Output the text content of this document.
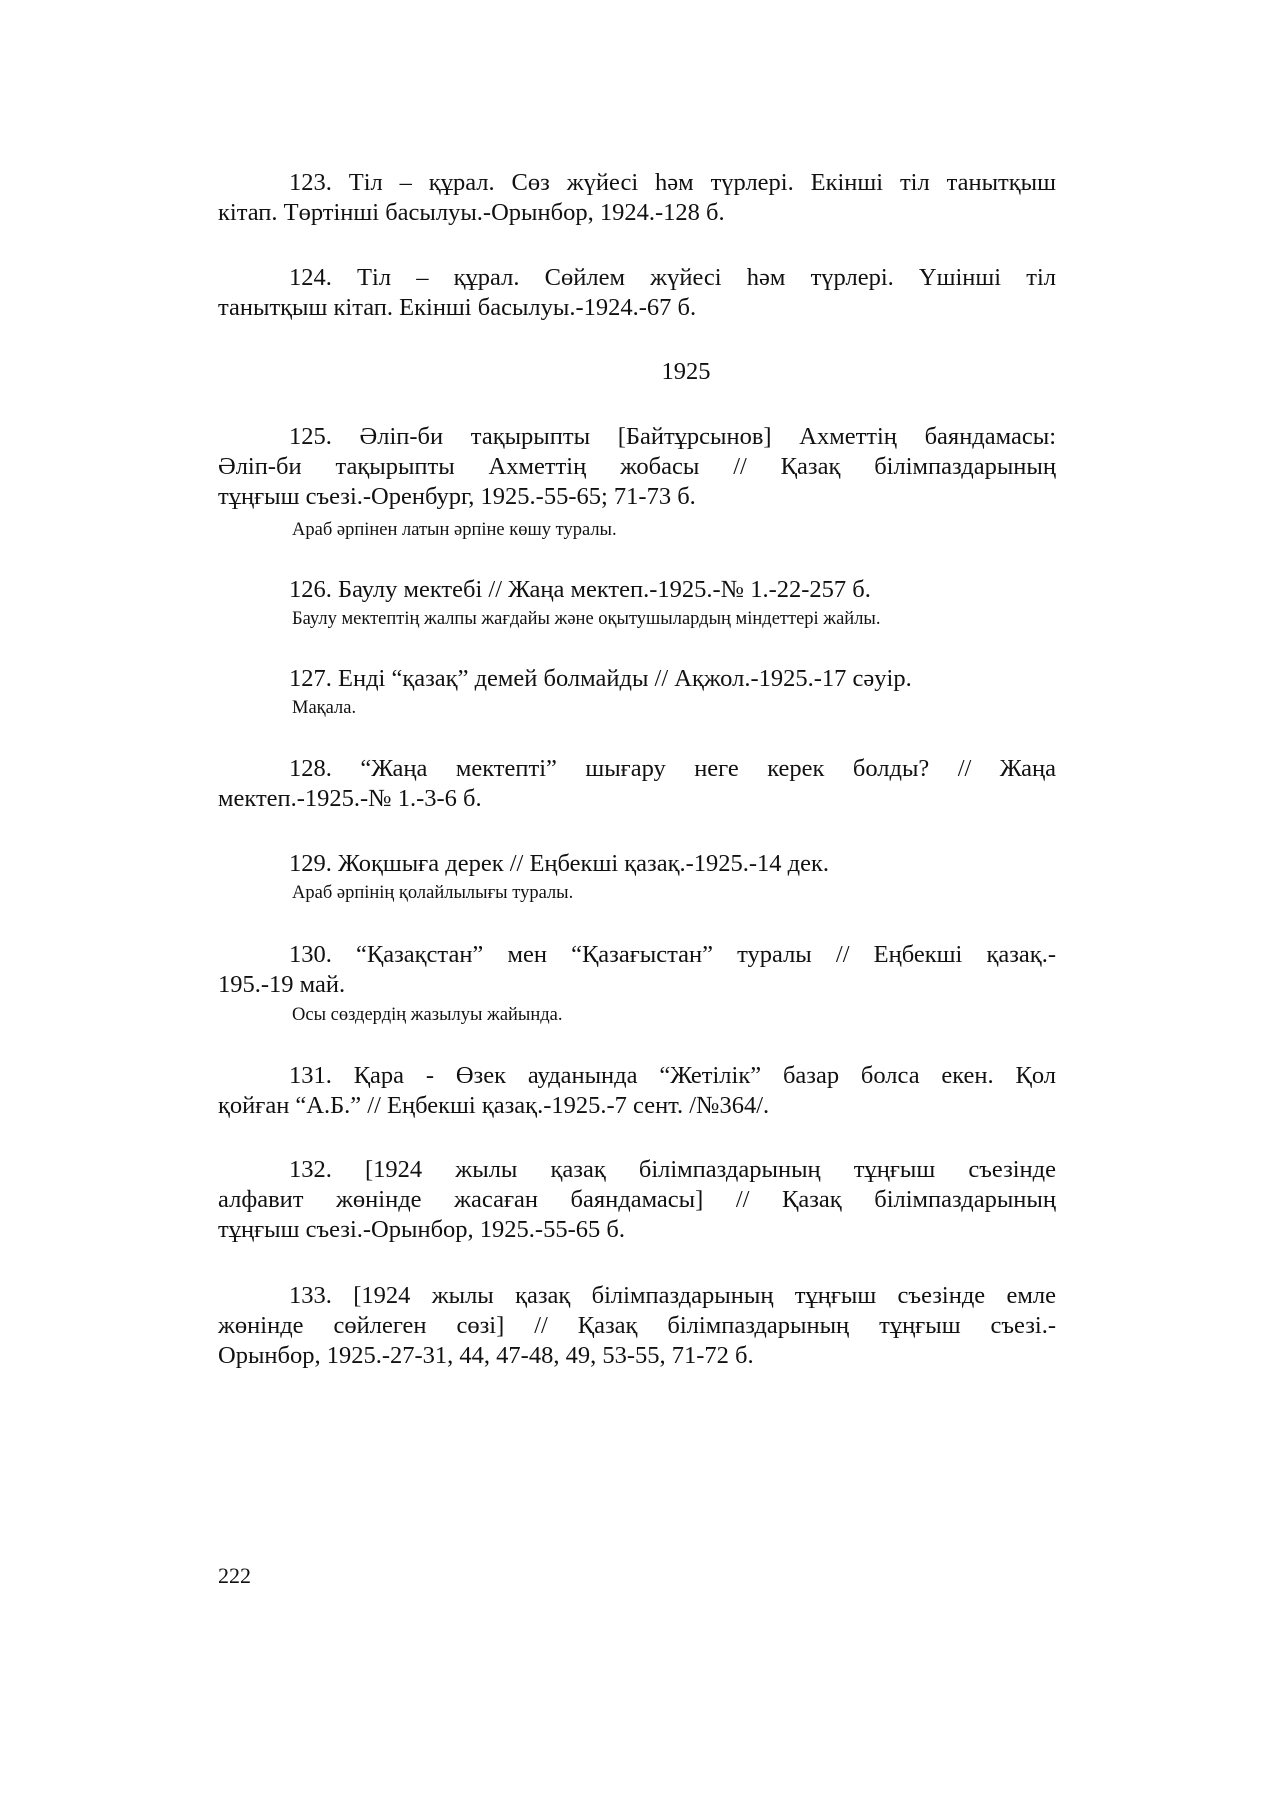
123. Тіл – құрал. Сөз жүйесі һәм түрлері. Екінші тіл танытқыш
кітап. Төртінші басылуы.-Орынбор, 1924.-128 б.
124. Тіл – құрал. Сөйлем жүйесі һәм түрлері. Үшінші тіл
танытқыш кітап. Екінші басылуы.-1924.-67 б.
1925
125. Әліп-би тақырыпты [Байтұрсынов] Ахметтің баяндамасы:
Әліп-би тақырыпты Ахметтің жобасы // Қазақ білімпаздарының
тұңғыш съезі.-Оренбург, 1925.-55-65; 71-73 б.
Араб әрпінен латын әрпіне көшу туралы.
126. Баулу мектебі // Жаңа мектеп.-1925.-№ 1.-22-257 б.
Баулу мектептің жалпы жағдайы және оқытушылардың міндеттері жайлы.
127. Енді “қазақ” демей болмайды // Ақжол.-1925.-17 сәуір.
Мақала.
128. “Жаңа мектепті” шығару неге керек болды? // Жаңа
мектеп.-1925.-№ 1.-3-6 б.
129. Жоқшыға дерек // Еңбекші қазақ.-1925.-14 дек.
Араб әрпінің қолайлылығы туралы.
130. “Қазақстан” мен “Қазағыстан” туралы // Еңбекші қазақ.-
195.-19 май.
Осы сөздердің жазылуы жайында.
131. Қара - Өзек ауданында “Жетілік” базар болса екен. Қол
қойған “А.Б.” // Еңбекші қазақ.-1925.-7 сент. /№364/.
132. [1924 жылы қазақ білімпаздарының тұңғыш съезінде
алфавит жөнінде жасаған баяндамасы] // Қазақ білімпаздарының
тұңғыш съезі.-Орынбор, 1925.-55-65 б.
133. [1924 жылы қазақ білімпаздарының тұңғыш съезінде емле
жөнінде сөйлеген сөзі] // Қазақ білімпаздарының тұңғыш съезі.-
Орынбор, 1925.-27-31, 44, 47-48, 49, 53-55, 71-72 б.
222
